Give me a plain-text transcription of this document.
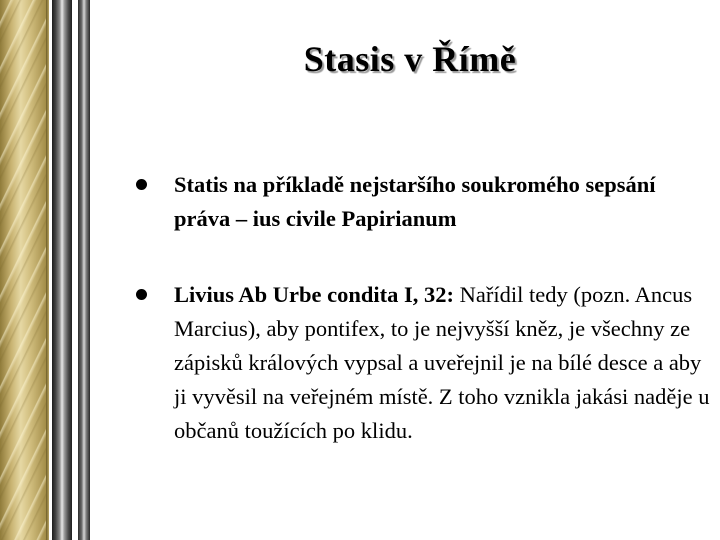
Stasis v Římě
Statis na příkladě nejstaršího soukromého sepsání práva – ius civile Papirianum
Livius Ab Urbe condita I, 32: Nařídil tedy (pozn. Ancus Marcius), aby pontifex, to je nejvyšší kněz, je všechny ze zápisků králových vypsal a uveřejnil je na bílé desce a aby ji vyvěsil na veřejném místě. Z toho vznikla jakási naděje u občanů toužících po klidu.
